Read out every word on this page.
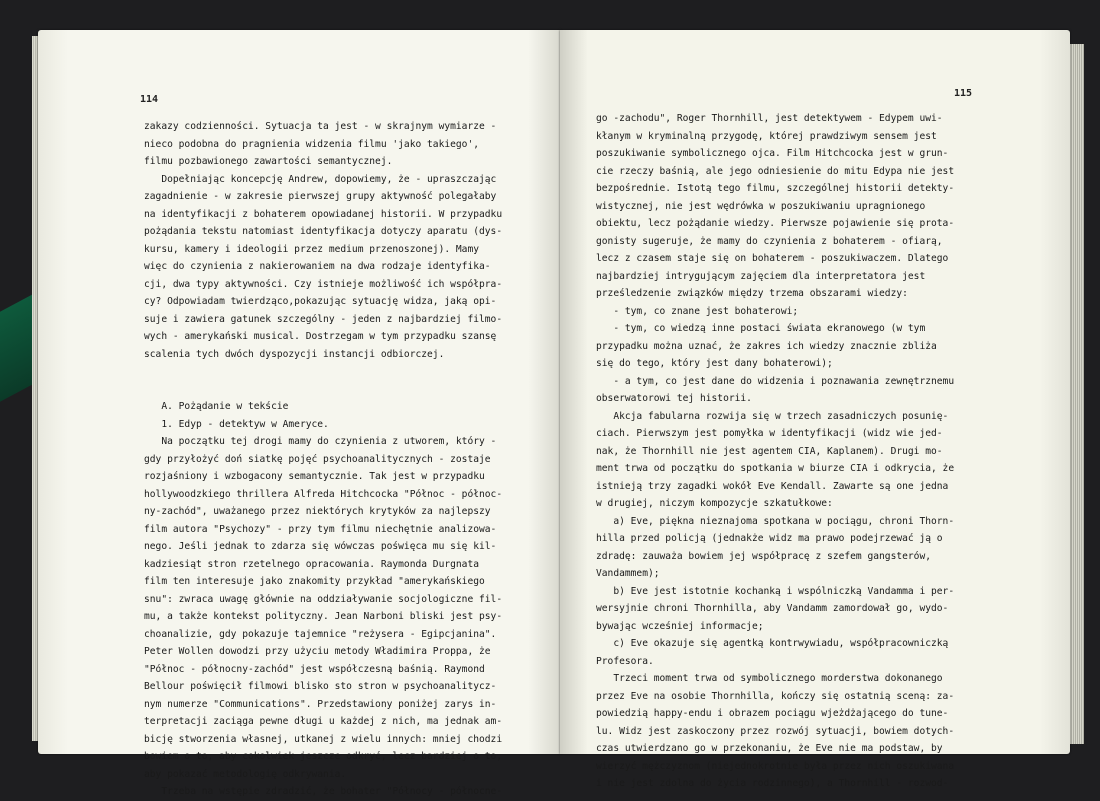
114

zakazy codzienności. Sytuacja ta jest - w skrajnym wymiarze -

nieco podobna do pragnienia widzenia filmu 'jako takiego',

filmu pozbawionego zawartości semantycznej.

Dopełniając koncepcję Andrew, dopowiemy, że - upraszczając

zagadnienie - w zakresie pierwszej grupy aktywność polegałaby

na identyfikacji z bohaterem opowiadanej historii. W przypadku

pożądania tekstu natomiast identyfikacja dotyczy aparatu (dys-

kursu, kamery i ideologii przez medium przenoszonej). Mamy

więc do czynienia z nakierowaniem na dwa rodzaje identyfika-

cji, dwa typy aktywności. Czy istnieje możliwość ich współpra-

cy? Odpowiadam twierdząco,pokazując sytuację widza, jaką opi-

suje i zawiera gatunek szczególny - jeden z najbardziej filmo-

wych - amerykański musical. Dostrzegam w tym przypadku szansę

scalenia tych dwóch dyspozycji instancji odbiorczej.

A. Pożądanie w tekście

1. Edyp - detektyw w Ameryce.

Na początku tej drogi mamy do czynienia z utworem, który -

gdy przyłożyć doń siatkę pojęć psychoanalitycznych - zostaje

rozjaśniony i wzbogacony semantycznie. Tak jest w przypadku

hollywoodzkiego thrillera Alfreda Hitchcocka "Północ - północ-

ny-zachód", uważanego przez niektórych krytyków za najlepszy

film autora "Psychozy" - przy tym filmu niechętnie analizowa-

nego. Jeśli jednak to zdarza się wówczas poświęca mu się kil-

kadziesiąt stron rzetelnego opracowania. Raymonda Durgnata

film ten interesuje jako znakomity przykład "amerykańskiego

snu": zwraca uwagę głównie na oddziaływanie socjologiczne fil-

mu, a także kontekst polityczny. Jean Narboni bliski jest psy-

choanalizie, gdy pokazuje tajemnice "reżysera - Egipcjanina".

Peter Wollen dowodzi przy użyciu metody Władimira Proppa, że

"Północ - północny-zachód" jest współczesną baśnią. Raymond

Bellour poświęcił filmowi blisko sto stron w psychoanalitycz-

nym numerze "Communications". Przedstawiony poniżej zarys in-

terpretacji zaciąga pewne długi u każdej z nich, ma jednak am-

bicję stworzenia własnej, utkanej z wielu innych: mniej chodzi

bowiem o to, aby cokolwiek jeszcze odkryć, lecz bardziej o to,

aby pokazać metodologię odkrywania.

Trzeba na wstępie zdradzić, że bohater "Północy - północne-

115

go -zachodu", Roger Thornhill, jest detektywem - Edypem uwi-

kłanym w kryminalną przygodę, której prawdziwym sensem jest

poszukiwanie symbolicznego ojca. Film Hitchcocka jest w grun-

cie rzeczy baśnią, ale jego odniesienie do mitu Edypa nie jest

bezpośrednie. Istotą tego filmu, szczególnej historii detekty-

wistycznej, nie jest wędrówka w poszukiwaniu upragnionego

obiektu, lecz pożądanie wiedzy. Pierwsze pojawienie się prota-

gonisty sugeruje, że mamy do czynienia z bohaterem - ofiarą,

lecz z czasem staje się on bohaterem - poszukiwaczem. Dlatego

najbardziej intrygującym zajęciem dla interpretatora jest

prześledzenie związków między trzema obszarami wiedzy:

- tym, co znane jest bohaterowi;

- tym, co wiedzą inne postaci świata ekranowego (w tym

przypadku można uznać, że zakres ich wiedzy znacznie zbliża

się do tego, który jest dany bohaterowi);

- a tym, co jest dane do widzenia i poznawania zewnętrznemu

obserwatorowi tej historii.

Akcja fabularna rozwija się w trzech zasadniczych posunię-

ciach. Pierwszym jest pomyłka w identyfikacji (widz wie jed-

nak, że Thornhill nie jest agentem CIA, Kaplanem). Drugi mo-

ment trwa od początku do spotkania w biurze CIA i odkrycia, że

istnieją trzy zagadki wokół Eve Kendall. Zawarte są one jedna

w drugiej, niczym kompozycje szkatułkowe:

a) Eve, piękna nieznajoma spotkana w pociągu, chroni Thorn-

hilla przed policją (jednakże widz ma prawo podejrzewać ją o

zdradę: zauważa bowiem jej współpracę z szefem gangsterów,

Vandammem);

b) Eve jest istotnie kochanką i wspólniczką Vandamma i per-

wersyjnie chroni Thornhilla, aby Vandamm zamordował go, wydo-

bywając wcześniej informacje;

c) Eve okazuje się agentką kontrwywiadu, współpracowniczką

Profesora.

Trzeci moment trwa od symbolicznego morderstwa dokonanego

przez Eve na osobie Thornhilla, kończy się ostatnią sceną: za-

powiedzią happy-endu i obrazem pociągu wjeżdżającego do tune-

lu. Widz jest zaskoczony przez rozwój sytuacji, bowiem dotych-

czas utwierdzano go w przekonaniu, że Eve nie ma podstaw, by

wierzyć mężczyznom (niejednokrotnie była przez nich oszukiwana

i nie jest zdolna do życia rodzinnego), a Thornhill - rozwod-
